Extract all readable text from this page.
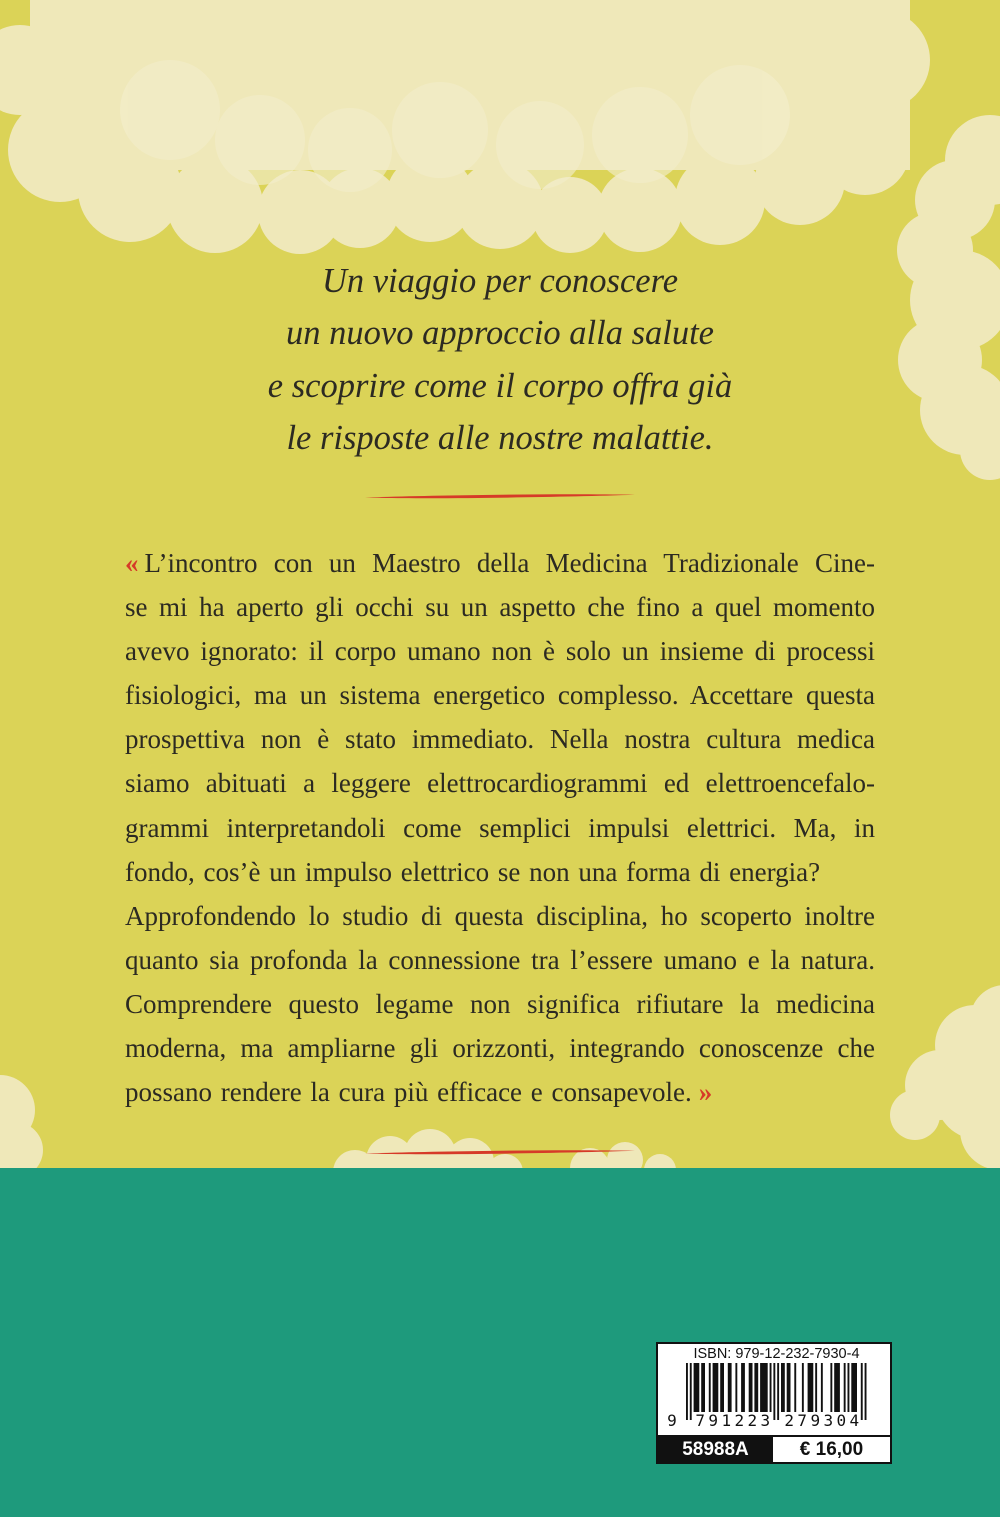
Un viaggio per conoscere
un nuovo approccio alla salute
e scoprire come il corpo offra già
le risposte alle nostre malattie.
« L’incontro con un Maestro della Medicina Tradizionale Cine-
se mi ha aperto gli occhi su un aspetto che fino a quel momento
avevo ignorato: il corpo umano non è solo un insieme di processi
fisiologici, ma un sistema energetico complesso. Accettare questa
prospettiva non è stato immediato. Nella nostra cultura medica
siamo abituati a leggere elettrocardiogrammi ed elettroencefalo-
grammi interpretandoli come semplici impulsi elettrici. Ma, in
fondo, cos’è un impulso elettrico se non una forma di energia?
Approfondendo lo studio di questa disciplina, ho scoperto inoltre
quanto sia profonda la connessione tra l’essere umano e la natura.
Comprendere questo legame non significa rifiutare la medicina
moderna, ma ampliarne gli orizzonti, integrando conoscenze che
possano rendere la cura più efficace e consapevole. »
ISBN: 979-12-232-7930-4
9 791223 279304
58988A	€ 16,00
